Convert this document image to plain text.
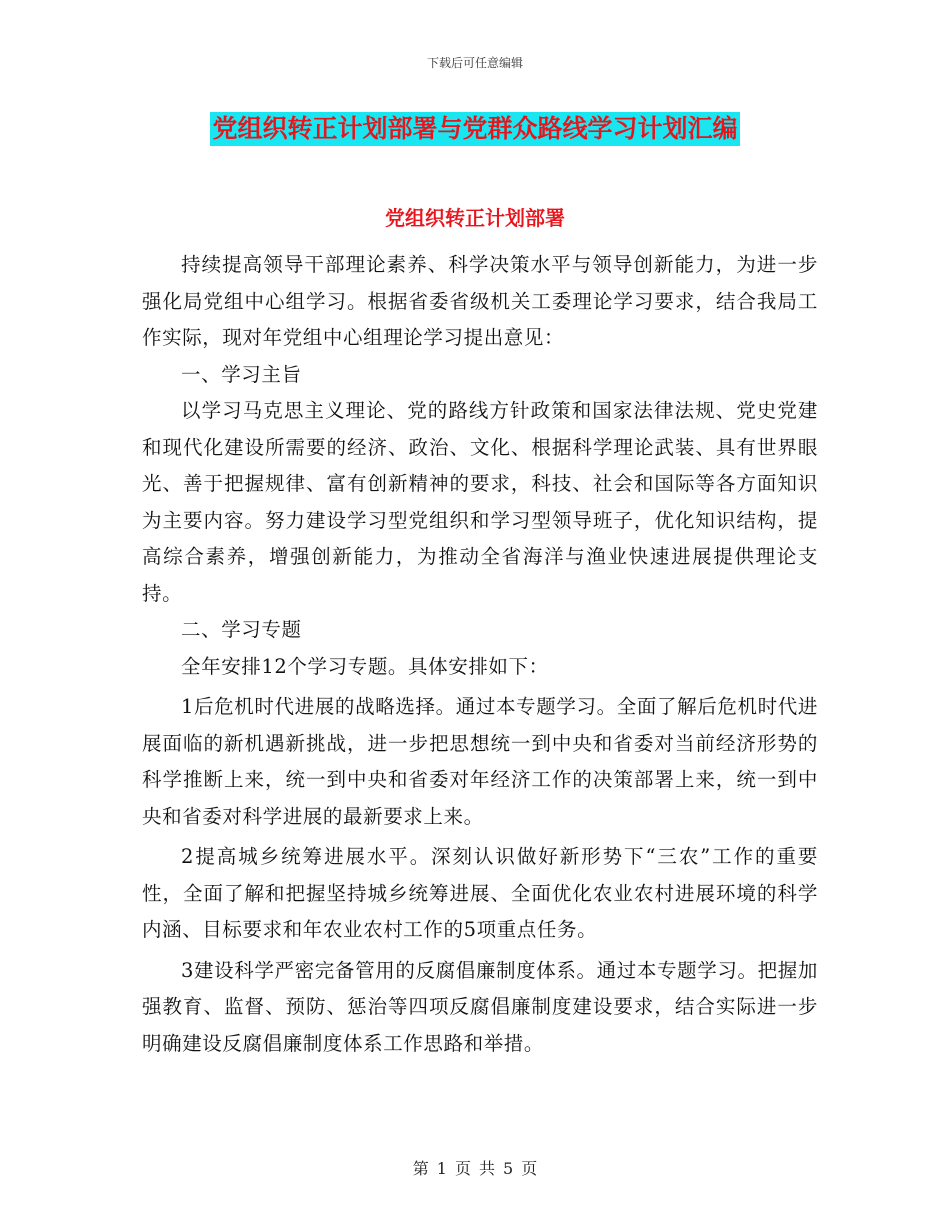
下载后可任意编辑
党组织转正计划部署与党群众路线学习计划汇编
党组织转正计划部署

持续提高领导干部理论素养、科学决策水平与领导创新能力，为进一步强化局党组中心组学习。根据省委省级机关工委理论学习要求，结合我局工作实际，现对年党组中心组理论学习提出意见：

一、学习主旨

以学习马克思主义理论、党的路线方针政策和国家法律法规、党史党建和现代化建设所需要的经济、政治、文化、根据科学理论武装、具有世界眼光、善于把握规律、富有创新精神的要求，科技、社会和国际等各方面知识为主要内容。努力建设学习型党组织和学习型领导班子，优化知识结构，提高综合素养，增强创新能力，为推动全省海洋与渔业快速进展提供理论支持。

二、学习专题

全年安排12个学习专题。具体安排如下：

1后危机时代进展的战略选择。通过本专题学习。全面了解后危机时代进展面临的新机遇新挑战，进一步把思想统一到中央和省委对当前经济形势的科学推断上来，统一到中央和省委对年经济工作的决策部署上来，统一到中央和省委对科学进展的最新要求上来。

2提高城乡统筹进展水平。深刻认识做好新形势下“三农”工作的重要性，全面了解和把握坚持城乡统筹进展、全面优化农业农村进展环境的科学内涵、目标要求和年农业农村工作的5项重点任务。

3建设科学严密完备管用的反腐倡廉制度体系。通过本专题学习。把握加强教育、监督、预防、惩治等四项反腐倡廉制度建设要求，结合实际进一步明确建设反腐倡廉制度体系工作思路和举措。

第 1 页 共 5 页
